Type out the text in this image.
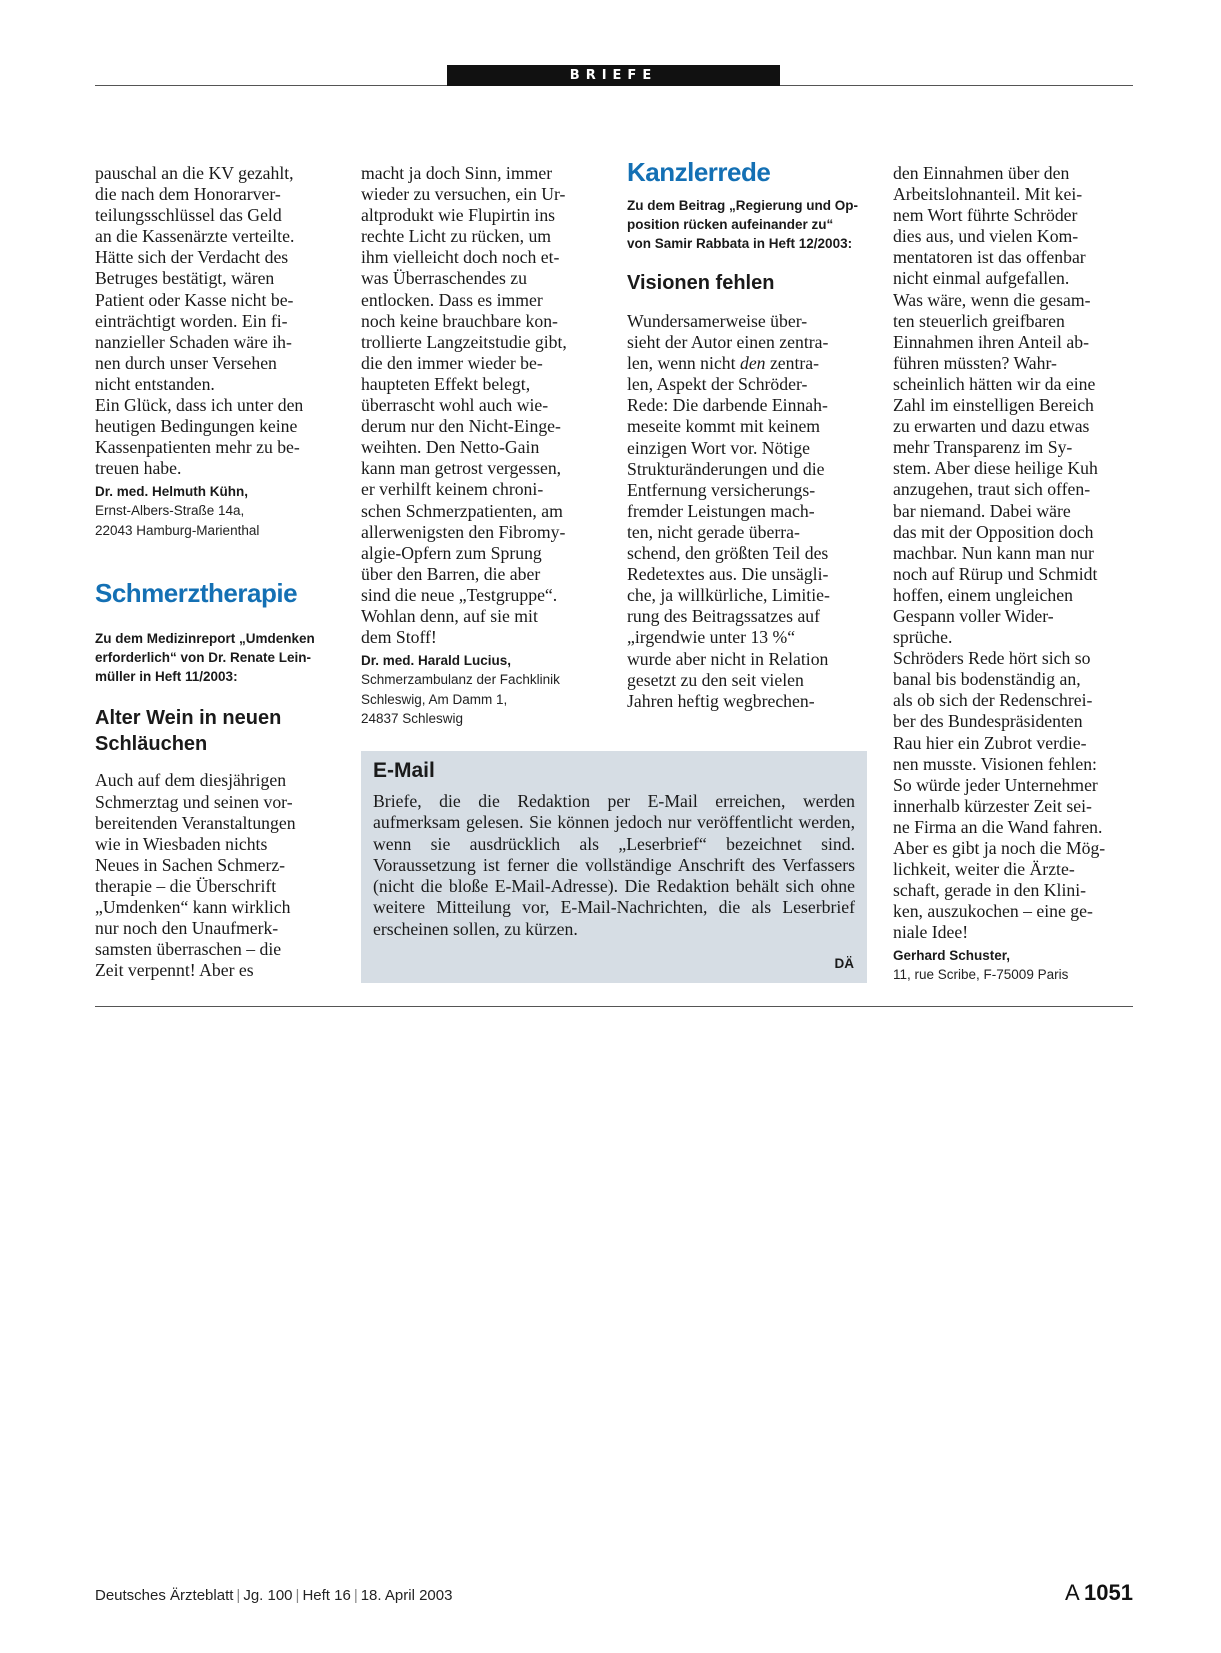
BRIEFE

pauschal an die KV gezahlt,
die nach dem Honorarver-
teilungsschlüssel das Geld
an die Kassenärzte verteilte.
Hätte sich der Verdacht des
Betruges bestätigt, wären
Patient oder Kasse nicht be-
einträchtigt worden. Ein fi-
nanzieller Schaden wäre ih-
nen durch unser Versehen
nicht entstanden.
Ein Glück, dass ich unter den
heutigen Bedingungen keine
Kassenpatienten mehr zu be-
treuen habe.

Dr. med. Helmuth Kühn,

Ernst-Albers-Straße 14a,
22043 Hamburg-Marienthal

Schmerztherapie

Zu dem Medizinreport „Umdenken
erforderlich“ von Dr. Renate Lein-
müller in Heft 11/2003:

Alter Wein in neuen
Schläuchen

Auch auf dem diesjährigen
Schmerztag und seinen vor-
bereitenden Veranstaltungen
wie in Wiesbaden nichts
Neues in Sachen Schmerz-
therapie – die Überschrift
„Umdenken“ kann wirklich
nur noch den Unaufmerk-
samsten überraschen – die
Zeit verpennt! Aber es

macht ja doch Sinn, immer
wieder zu versuchen, ein Ur-
altprodukt wie Flupirtin ins
rechte Licht zu rücken, um
ihm vielleicht doch noch et-
was Überraschendes zu
entlocken. Dass es immer
noch keine brauchbare kon-
trollierte Langzeitstudie gibt,
die den immer wieder be-
haupteten Effekt belegt,
überrascht wohl auch wie-
derum nur den Nicht-Einge-
weihten. Den Netto-Gain
kann man getrost vergessen,
er verhilft keinem chroni-
schen Schmerzpatienten, am
allerwenigsten den Fibromy-
algie-Opfern zum Sprung
über den Barren, die aber
sind die neue „Testgruppe“.
Wohlan denn, auf sie mit
dem Stoff!

Dr. med. Harald Lucius,

Schmerzambulanz der Fachklinik
Schleswig, Am Damm 1,
24837 Schleswig

Kanzlerrede

Zu dem Beitrag „Regierung und Op-
position rücken aufeinander zu“
von Samir Rabbata in Heft 12/2003:

Visionen fehlen

Wundersamerweise über-
sieht der Autor einen zentra-
len, wenn nicht den zentra-
len, Aspekt der Schröder-
Rede: Die darbende Einnah-
meseite kommt mit keinem
einzigen Wort vor. Nötige
Strukturänderungen und die
Entfernung versicherungs-
fremder Leistungen mach-
ten, nicht gerade überra-
schend, den größten Teil des
Redetextes aus. Die unsägli-
che, ja willkürliche, Limitie-
rung des Beitragssatzes auf
„irgendwie unter 13 %“
wurde aber nicht in Relation
gesetzt zu den seit vielen
Jahren heftig wegbrechen-

den Einnahmen über den
Arbeitslohnanteil. Mit kei-
nem Wort führte Schröder
dies aus, und vielen Kom-
mentatoren ist das offenbar
nicht einmal aufgefallen.
Was wäre, wenn die gesam-
ten steuerlich greifbaren
Einnahmen ihren Anteil ab-
führen müssten? Wahr-
scheinlich hätten wir da eine
Zahl im einstelligen Bereich
zu erwarten und dazu etwas
mehr Transparenz im Sy-
stem. Aber diese heilige Kuh
anzugehen, traut sich offen-
bar niemand. Dabei wäre
das mit der Opposition doch
machbar. Nun kann man nur
noch auf Rürup und Schmidt
hoffen, einem ungleichen
Gespann voller Wider-
sprüche.
Schröders Rede hört sich so
banal bis bodenständig an,
als ob sich der Redenschrei-
ber des Bundespräsidenten
Rau hier ein Zubrot verdie-
nen musste. Visionen fehlen:
So würde jeder Unternehmer
innerhalb kürzester Zeit sei-
ne Firma an die Wand fahren.
Aber es gibt ja noch die Mög-
lichkeit, weiter die Ärzte-
schaft, gerade in den Klini-
ken, auszukochen – eine ge-
niale Idee!

Gerhard Schuster,

11, rue Scribe, F-75009 Paris

E-Mail

Briefe, die die Redaktion per E-Mail erreichen, werden aufmerksam gelesen. Sie können jedoch nur veröffentlicht werden, wenn sie ausdrücklich als „Leserbrief“ bezeichnet sind. Voraussetzung ist ferner die vollständige Anschrift des Verfassers (nicht die bloße E-Mail-Adresse). Die Redaktion behält sich ohne weitere Mitteilung vor, E-Mail-Nachrichten, die als Leserbrief erscheinen sollen, zu kürzen.

DÄ
Deutsches Ärzteblatt | Jg. 100 | Heft 16 | 18. April 2003	A  1051
